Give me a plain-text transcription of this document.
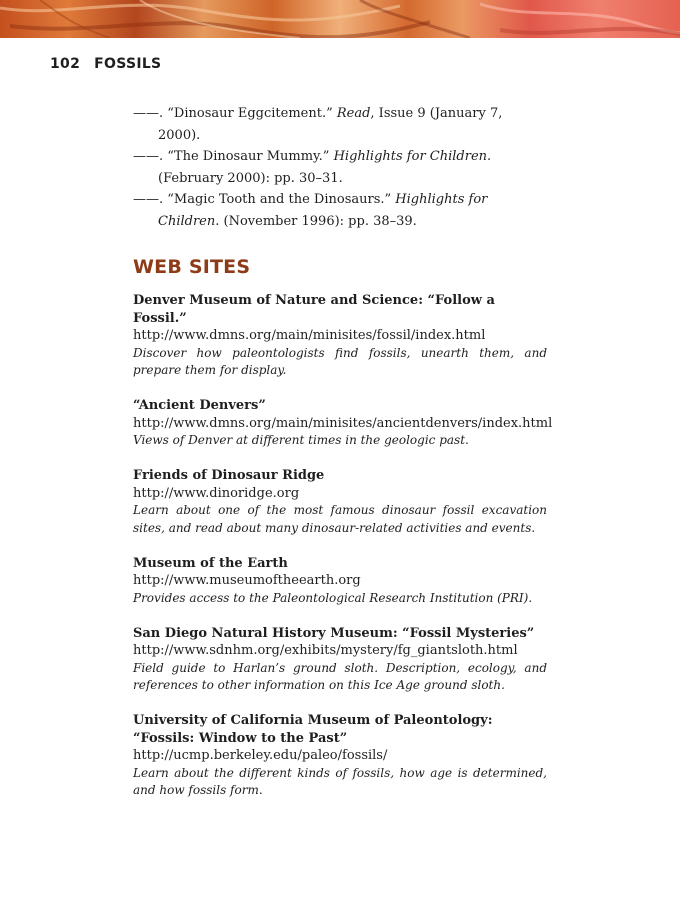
102 FOSSILS
——. “Dinosaur Eggcitement.” Read, Issue 9 (January 7, 2000).
——. “The Dinosaur Mummy.” Highlights for Children. (February 2000): pp. 30–31.
——. “Magic Tooth and the Dinosaurs.” Highlights for Children. (November 1996): pp. 38–39.
WEB SITES
Denver Museum of Nature and Science: “Follow a Fossil.”
http://www.dmns.org/main/minisites/fossil/index.html
Discover how paleontologists find fossils, unearth them, and prepare them for display.
“Ancient Denvers”
http://www.dmns.org/main/minisites/ancientdenvers/index.html
Views of Denver at different times in the geologic past.
Friends of Dinosaur Ridge
http://www.dinoridge.org
Learn about one of the most famous dinosaur fossil excavation sites, and read about many dinosaur-related activities and events.
Museum of the Earth
http://www.museumoftheearth.org
Provides access to the Paleontological Research Institution (PRI).
San Diego Natural History Museum: “Fossil Mysteries”
http://www.sdnhm.org/exhibits/mystery/fg_giantsloth.html
Field guide to Harlan’s ground sloth. Description, ecology, and references to other information on this Ice Age ground sloth.
University of California Museum of Paleontology: “Fossils: Window to the Past”
http://ucmp.berkeley.edu/paleo/fossils/
Learn about the different kinds of fossils, how age is determined, and how fossils form.
